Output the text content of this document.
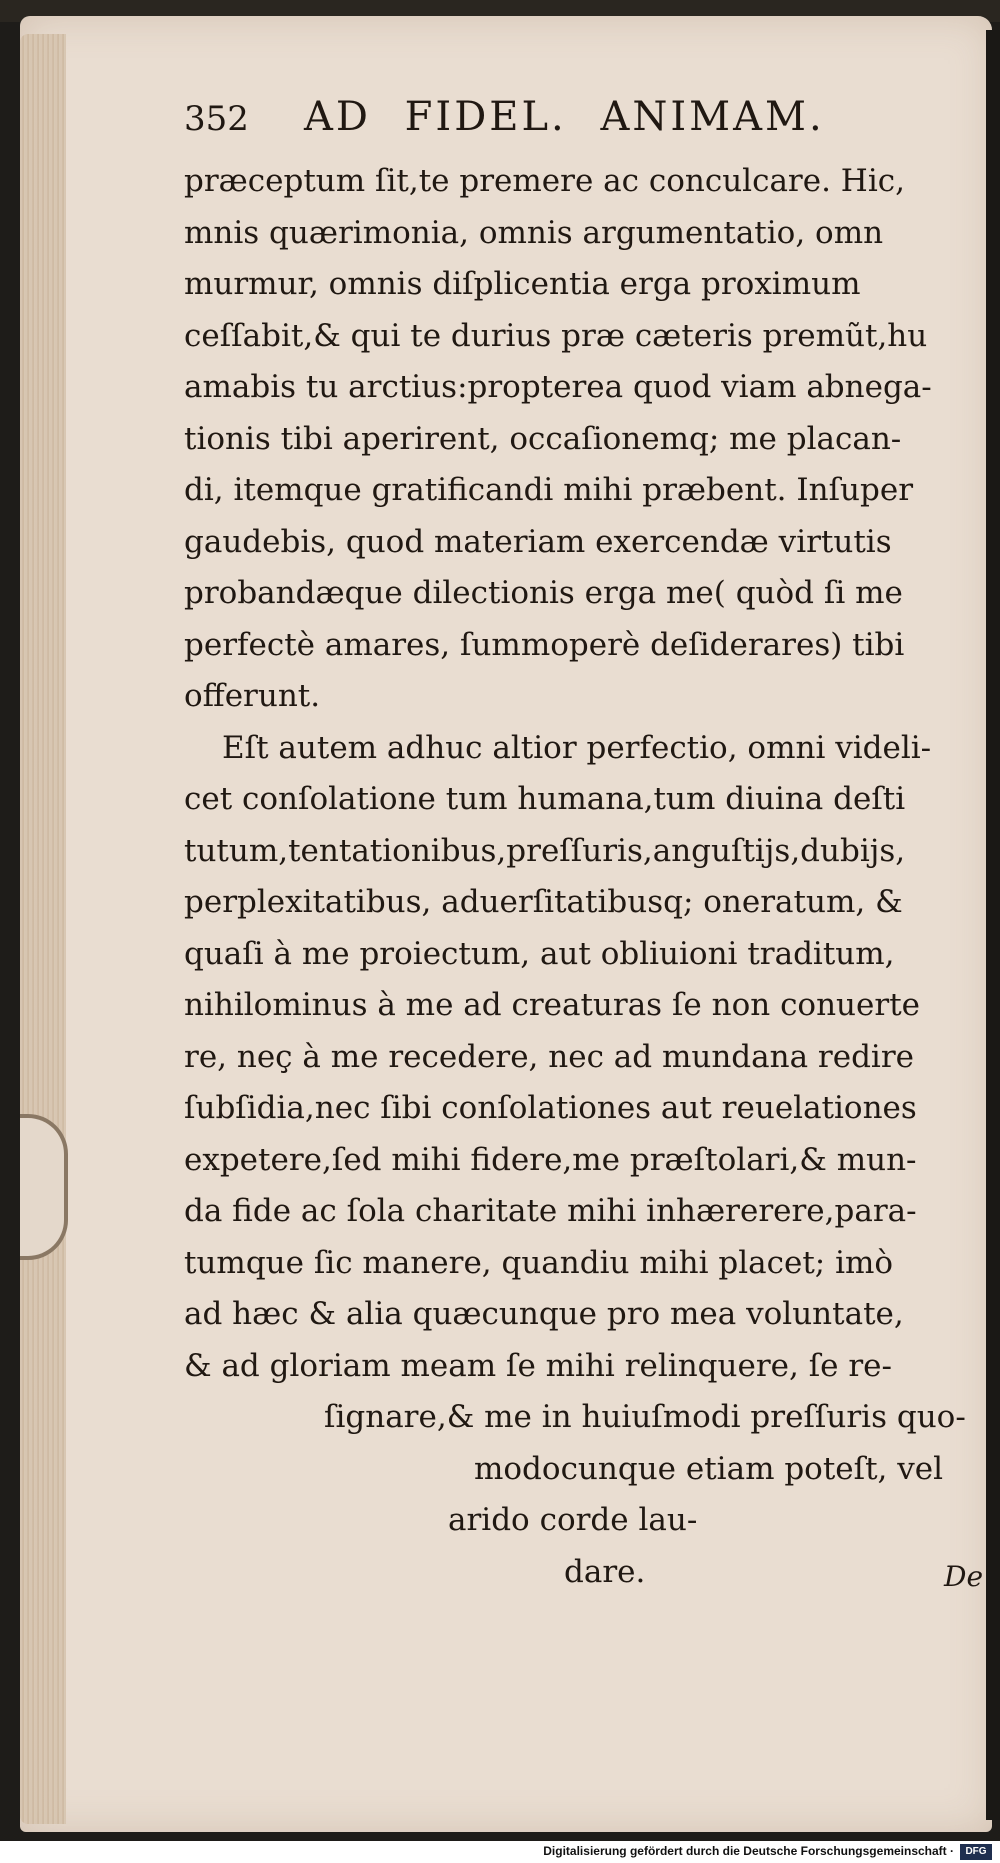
352	AD FIDEL. ANIMAM.
præceptum ſit,te premere ac conculcare. Hic,
mnis quærimonia, omnis argumentatio, omn
murmur, omnis diſplicentia erga proximum
ceſſabit,& qui te durius præ cæteris premũt,hu
amabis tu arctius:propterea quod viam abnega-
tionis tibi aperirent, occaſionemq; me placan-
di, itemque gratificandi mihi præbent. Inſuper
gaudebis, quod materiam exercendæ virtutis
probandæque dilectionis erga me( quòd ſi me
perfectè amares, ſummoperè deſiderares) tibi
offerunt.
Eſt autem adhuc altior perfectio, omni videli-
cet conſolatione tum humana,tum diuina deſti
tutum,tentationibus,preſſuris,anguſtijs,dubijs,
perplexitatibus, aduerſitatibusq; oneratum, &
quaſi à me proiectum, aut obliuioni traditum,
nihilominus à me ad creaturas ſe non conuerte
re, neç à me recedere, nec ad mundana redire
ſubſidia,nec ſibi conſolationes aut reuelationes
expetere,ſed mihi fidere,me præſtolari,& mun-
da fide ac ſola charitate mihi inhærerere,para-
tumque ſic manere, quandiu mihi placet; imò
ad hæc & alia quæcunque pro mea voluntate,
& ad gloriam meam ſe mihi relinquere, ſe re-
ſignare,& me in huiuſmodi preſſuris quo-
modocunque etiam poteſt, vel
arido corde lau-
dare.	De
Digitalisierung gefördert durch die Deutsche Forschungsgemeinschaft ·	DFG
